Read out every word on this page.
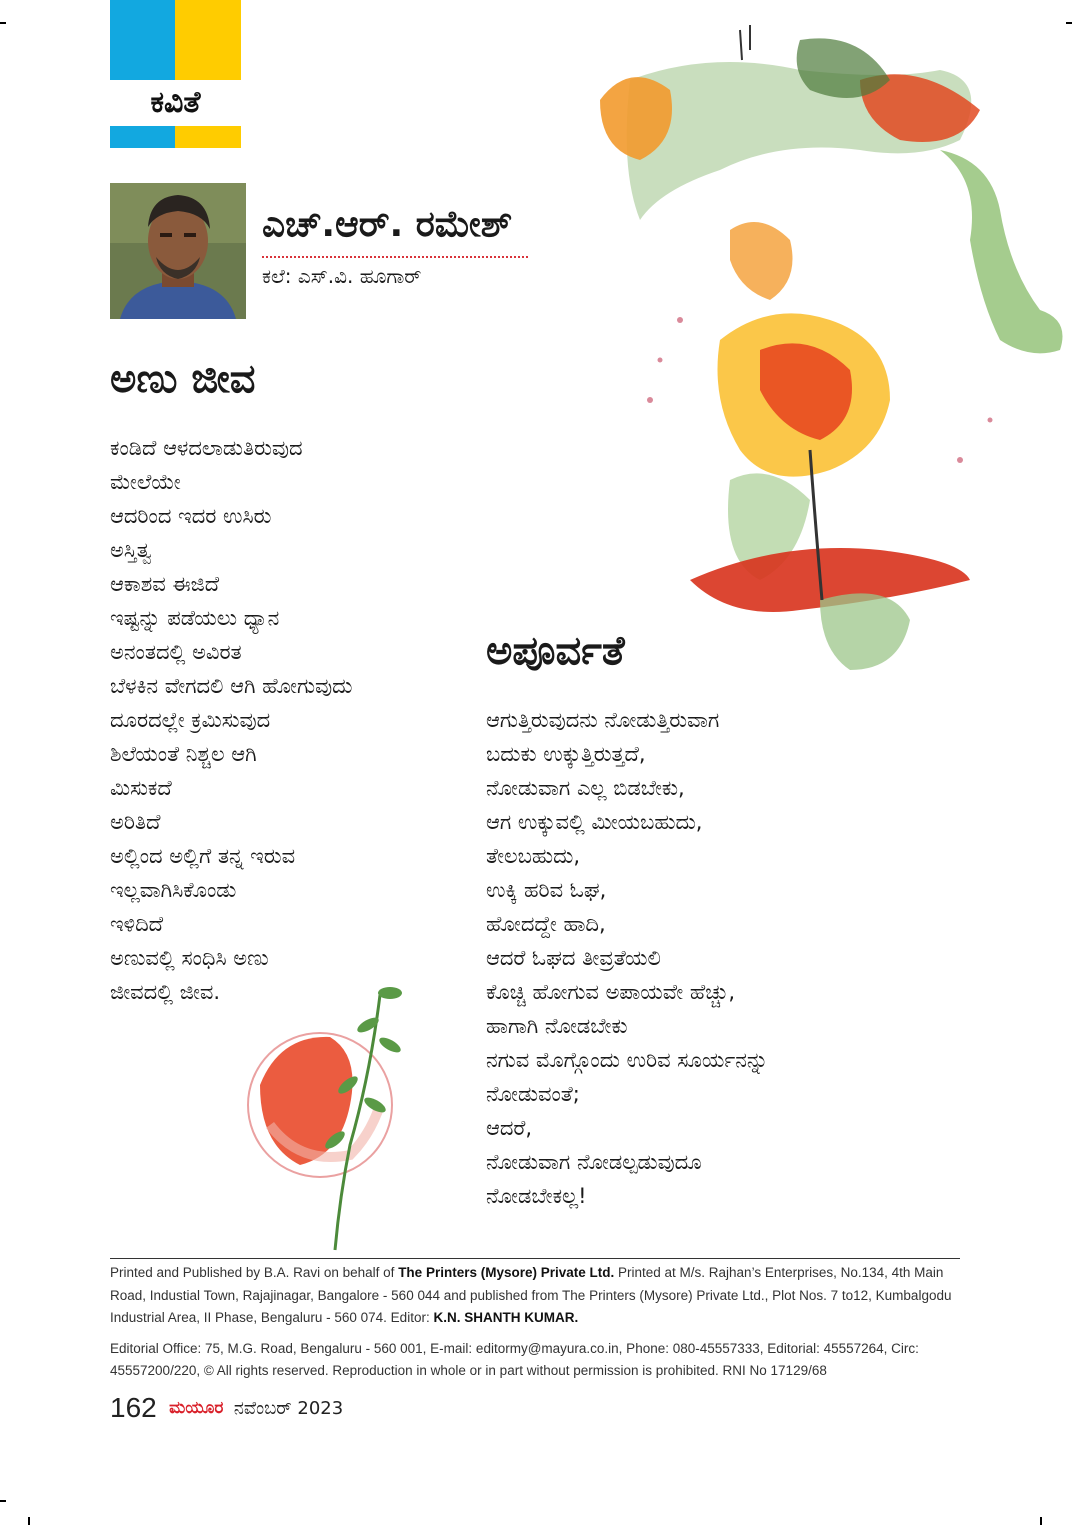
ಕವಿತೆ
ಎಚ್‌.ಆರ್‌. ರಮೇಶ್‌
ಕಲೆ: ಎಸ್‌.ವಿ. ಹೂಗಾರ್‌
ಅಣು ಜೀವ
ಕಂಡಿದೆ ಆಳದಲಾಡುತಿರುವುದ
ಮೇಲೆಯೇ
ಆದರಿಂದ ಇದರ ಉಸಿರು
ಅಸ್ತಿತ್ವ
ಆಕಾಶವ ಈಜಿದೆ
ಇಷ್ಟನ್ನು ಪಡೆಯಲು ಧ್ಯಾನ
ಅನಂತದಲ್ಲಿ ಅವಿರತ
ಬೆಳಕಿನ ವೇಗದಲಿ ಆಗಿ ಹೋಗುವುದು
ದೂರದಲ್ಲೇ ಕ್ರಮಿಸುವುದ
ಶಿಲೆಯಂತೆ ನಿಶ್ಚಲ ಆಗಿ
ಮಿಸುಕದೆ
ಅರಿತಿದೆ
ಅಲ್ಲಿಂದ ಅಲ್ಲಿಗೆ ತನ್ನ ಇರುವ
ಇಲ್ಲವಾಗಿಸಿಕೊಂಡು
ಇಳಿದಿದೆ
ಅಣುವಲ್ಲಿ ಸಂಧಿಸಿ ಅಣು
ಜೀವದಲ್ಲಿ ಜೀವ.
ಅಪೂರ್ವತೆ
ಆಗುತ್ತಿರುವುದನು ನೋಡುತ್ತಿರುವಾಗ
ಬದುಕು ಉಕ್ಕುತ್ತಿರುತ್ತದೆ,
ನೋಡುವಾಗ ಎಲ್ಲ ಬಿಡಬೇಕು,
ಆಗ ಉಕ್ಕುವಲ್ಲಿ ಮೀಯಬಹುದು,
ತೇಲಬಹುದು,
ಉಕ್ಕಿ ಹರಿವ ಓಘ,
ಹೋದದ್ದೇ ಹಾದಿ,
ಆದರೆ ಓಘದ ತೀವ್ರತೆಯಲಿ
ಕೊಚ್ಚಿ ಹೋಗುವ ಅಪಾಯವೇ ಹೆಚ್ಚು,
ಹಾಗಾಗಿ ನೋಡಬೇಕು
ನಗುವ ಮೊಗ್ಗೊಂದು ಉರಿವ ಸೂರ್ಯನನ್ನು
ನೋಡುವಂತೆ;
ಆದರೆ,
ನೋಡುವಾಗ ನೋಡಲ್ಪಡುವುದೂ
ನೋಡಬೇಕಲ್ಲ!

Printed and Published by B.A. Ravi on behalf of The Printers (Mysore) Private Ltd. Printed at M/s. Rajhan’s Enterprises, No.134, 4th Main Road, Industial Town, Rajajinagar, Bangalore - 560 044 and published from The Printers (Mysore) Private Ltd., Plot Nos. 7 to12, Kumbalgodu Industrial Area, II Phase, Bengaluru - 560 074. Editor: K.N. SHANTH KUMAR.

Editorial Office: 75, M.G. Road, Bengaluru - 560 001, E-mail: editormy@mayura.co.in, Phone: 080-45557333, Editorial: 45557264, Circ: 45557200/220, © All rights reserved. Reproduction in whole or in part without permission is prohibited. RNI No 17129/68

162 ಮಯೂರ ನವೆಂಬರ್‌ 2023
